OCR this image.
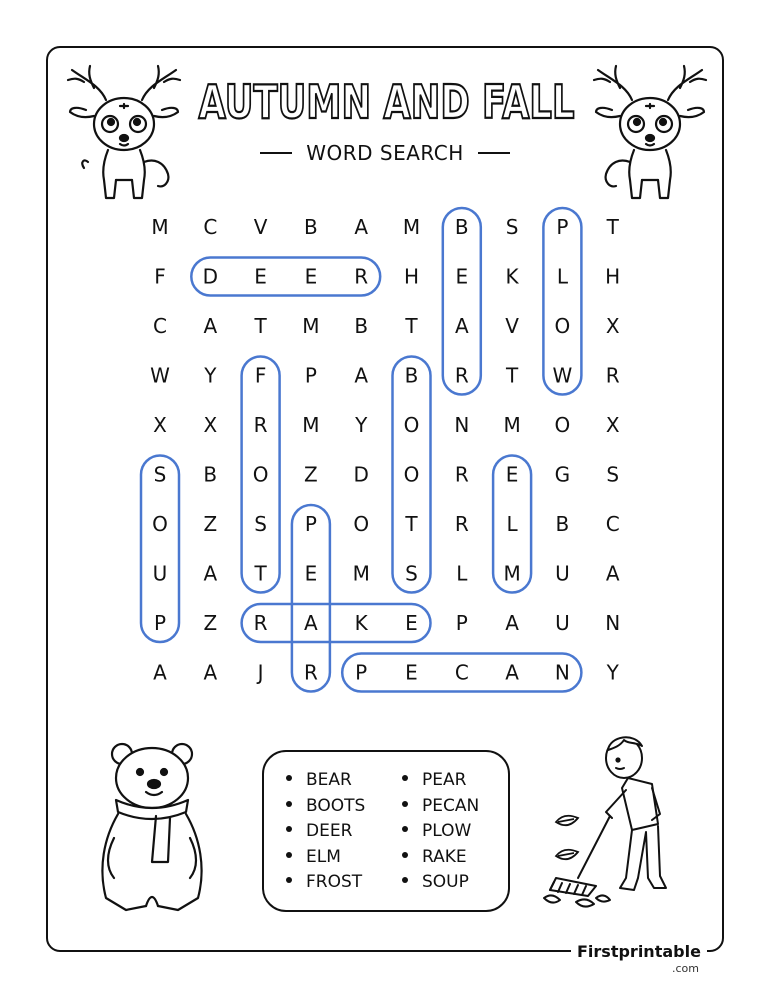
AUTUMN AND FALL
WORD SEARCH
M C V B A M B S P T
F D E E R H E K L H
C A T M B T A V O X
W Y F P A B R T W R
X X R M Y O N M O X
S B O Z D O R E G S
O Z S P O T R L B C
U A T E M S L M U A
P Z R A K E P A U N
A A J R P E C A N Y
BEAR
BOOTS
DEER
ELM
FROST
PEAR
PECAN
PLOW
RAKE
SOUP
Firstprintable
.com
